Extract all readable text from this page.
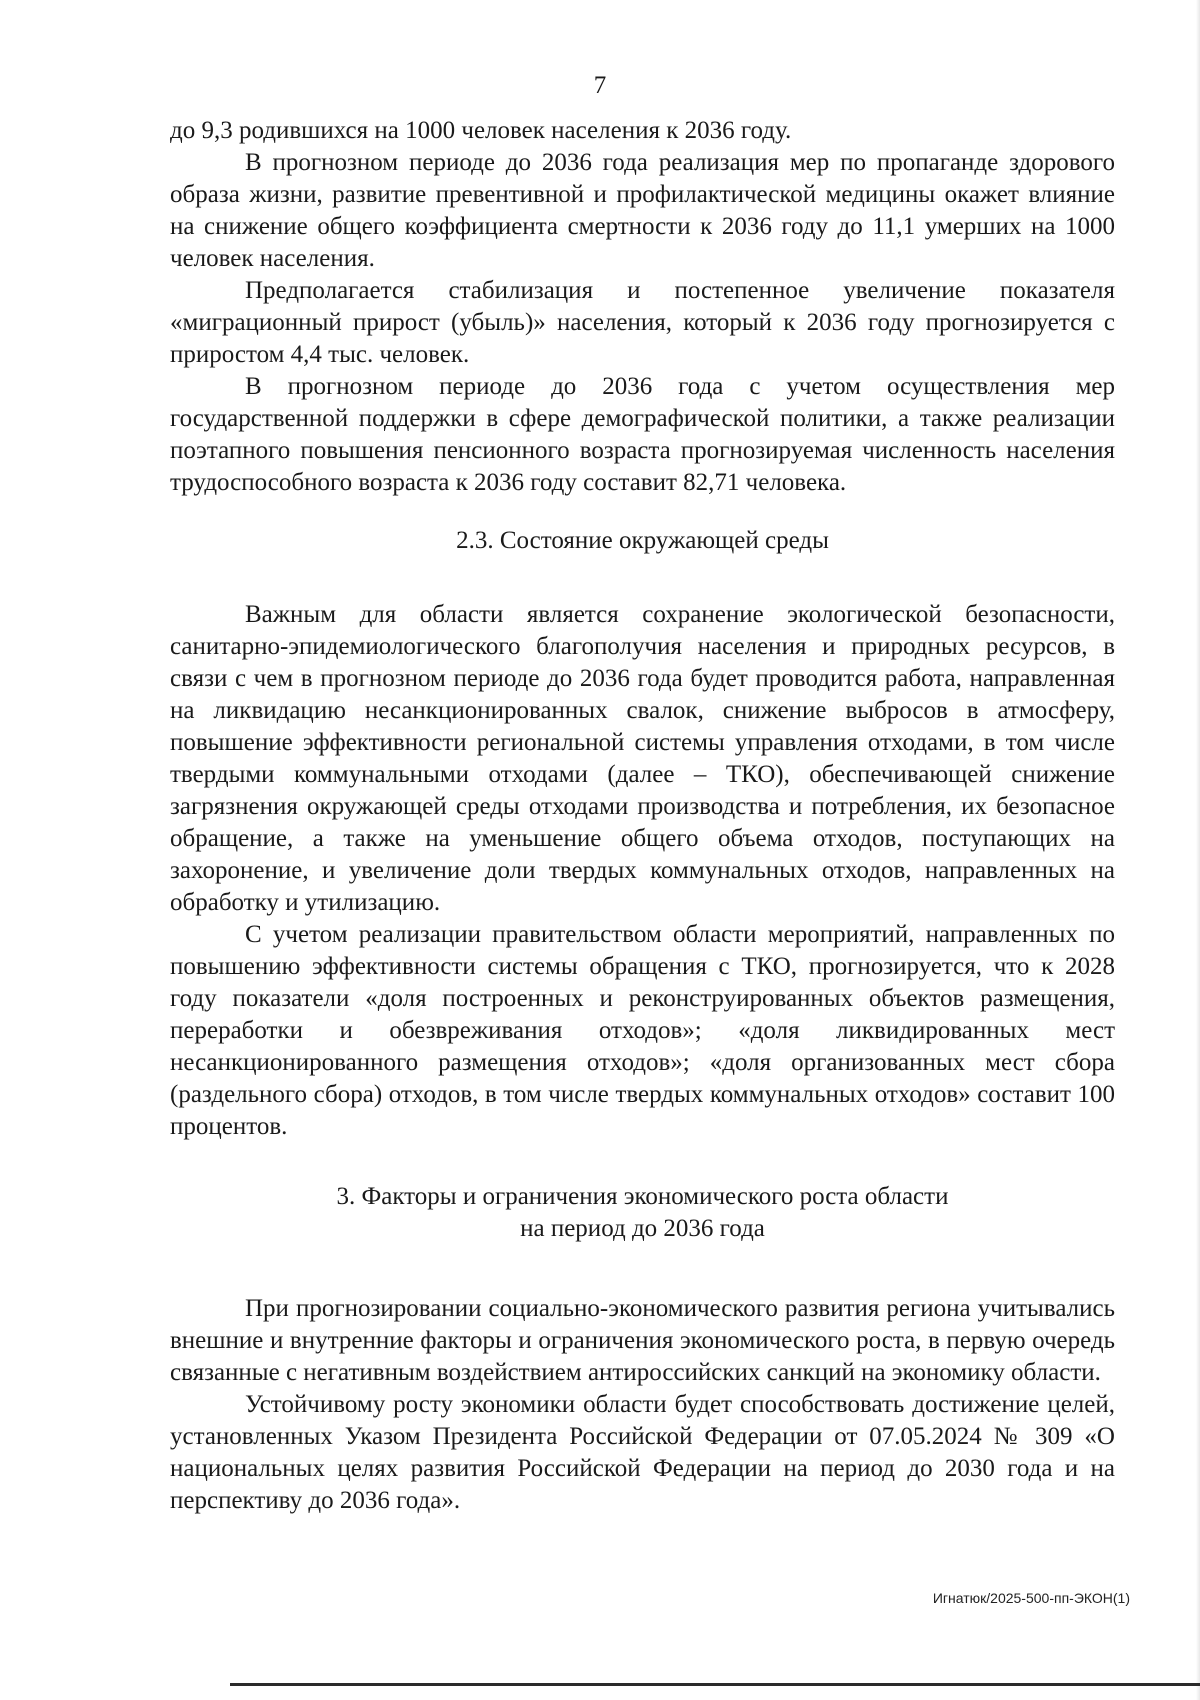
7

до 9,3 родившихся на 1000 человек населения к 2036 году.

В прогнозном периоде до 2036 года реализация мер по пропаганде здорового образа жизни, развитие превентивной и профилактической медицины окажет влияние на снижение общего коэффициента смертности к 2036 году до 11,1 умерших на 1000 человек населения.

Предполагается стабилизация и постепенное увеличение показателя «миграционный прирост (убыль)» населения, который к 2036 году прогнозируется с приростом 4,4 тыс. человек.

В прогнозном периоде до 2036 года с учетом осуществления мер государственной поддержки в сфере демографической политики, а также реализации поэтапного повышения пенсионного возраста прогнозируемая численность населения трудоспособного возраста к 2036 году составит 82,71 человека.

2.3. Состояние окружающей среды

Важным для области является сохранение экологической безопасности, санитарно-эпидемиологического благополучия населения и природных ресурсов, в связи с чем в прогнозном периоде до 2036 года будет проводится работа, направленная на ликвидацию несанкционированных свалок, снижение выбросов в атмосферу, повышение эффективности региональной системы управления отходами, в том числе твердыми коммунальными отходами (далее – ТКО), обеспечивающей снижение загрязнения окружающей среды отходами производства и потребления, их безопасное обращение, а также на уменьшение общего объема отходов, поступающих на захоронение, и увеличение доли твердых коммунальных отходов, направленных на обработку и утилизацию.

С учетом реализации правительством области мероприятий, направленных по повышению эффективности системы обращения с ТКО, прогнозируется, что к 2028 году показатели «доля построенных и реконструированных объектов размещения, переработки и обезвреживания отходов»; «доля ликвидированных мест несанкционированного размещения отходов»; «доля организованных мест сбора (раздельного сбора) отходов, в том числе твердых коммунальных отходов» составит 100 процентов.

3. Факторы и ограничения экономического роста области
на период до 2036 года

При прогнозировании социально-экономического развития региона учитывались внешние и внутренние факторы и ограничения экономического роста, в первую очередь связанные с негативным воздействием антироссийских санкций на экономику области.

Устойчивому росту экономики области будет способствовать достижение целей, установленных Указом Президента Российской Федерации от 07.05.2024 № 309 «О национальных целях развития Российской Федерации на период до 2030 года и на перспективу до 2036 года».

Игнатюк/2025-500-пп-ЭКОН(1)
